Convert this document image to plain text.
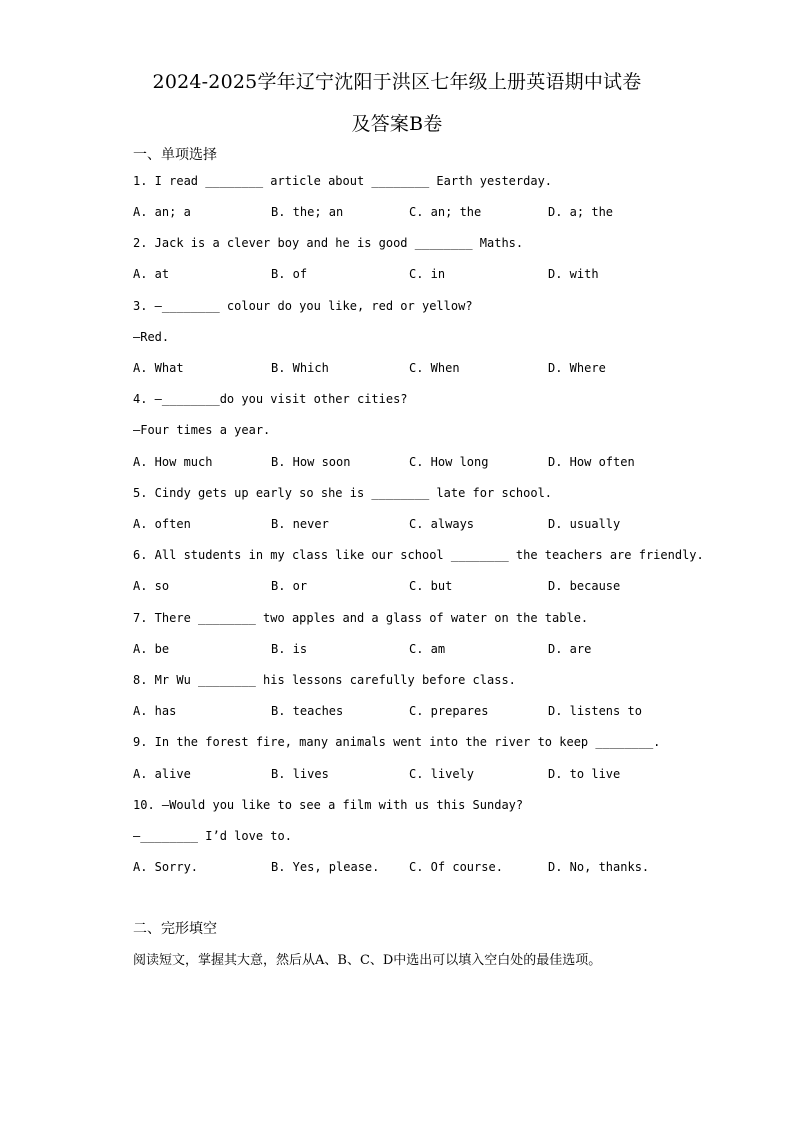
2024-2025学年辽宁沈阳于洪区七年级上册英语期中试卷
及答案B卷
一、单项选择
1. I read ________ article about ________ Earth yesterday.
A. an; a	B. the; an	C. an; the	D. a; the
2. Jack is a clever boy and he is good ________ Maths.
A. at	B. of	C. in	D. with
3. —________ colour do you like, red or yellow?
—Red.
A. What	B. Which	C. When	D. Where
4. —________do you visit other cities?
—Four times a year.
A. How much	B. How soon	C. How long	D. How often
5. Cindy gets up early so she is ________ late for school.
A. often	B. never	C. always	D. usually
6. All students in my class like our school ________ the teachers are friendly.
A. so	B. or	C. but	D. because
7. There ________ two apples and a glass of water on the table.
A. be	B. is	C. am	D. are
8. Mr Wu ________ his lessons carefully before class.
A. has	B. teaches	C. prepares	D. listens to
9. In the forest fire, many animals went into the river to keep ________.
A. alive	B. lives	C. lively	D. to live
10. —Would you like to see a film with us this Sunday?
—________ I’d love to.
A. Sorry.	B. Yes, please. C. Of course.	D. No, thanks.
二、完形填空
阅读短文，掌握其大意，然后从A、B、C、D中选出可以填入空白处的最佳选项。
